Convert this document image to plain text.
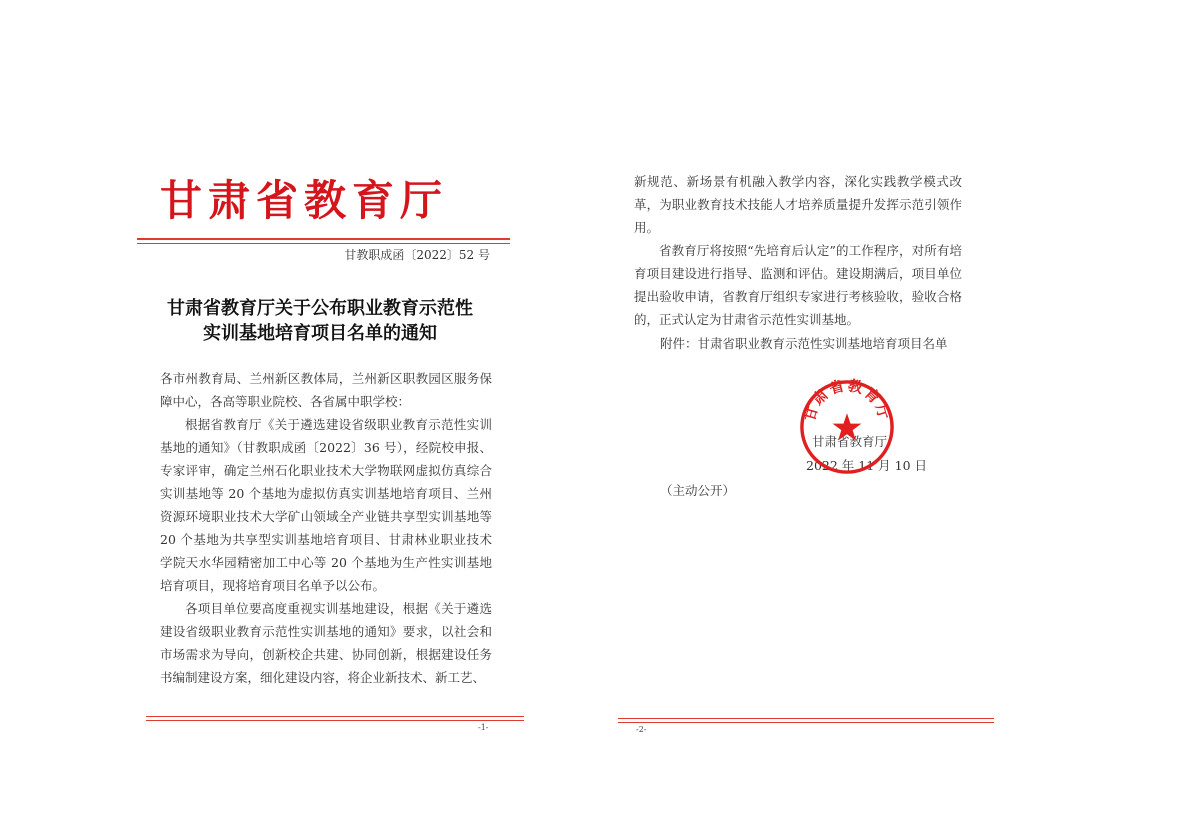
甘肃省教育厅
甘教职成函〔2022〕52 号
甘肃省教育厅关于公布职业教育示范性
实训基地培育项目名单的通知

各市州教育局、兰州新区教体局，兰州新区职教园区服务保障中心，各高等职业院校、各省属中职学校：

根据省教育厅《关于遴选建设省级职业教育示范性实训基地的通知》（甘教职成函〔2022〕36 号），经院校申报、专家评审，确定兰州石化职业技术大学物联网虚拟仿真综合实训基地等 20 个基地为虚拟仿真实训基地培育项目、兰州资源环境职业技术大学矿山领域全产业链共享型实训基地等 20 个基地为共享型实训基地培育项目、甘肃林业职业技术学院天水华园精密加工中心等 20 个基地为生产性实训基地培育项目，现将培育项目名单予以公布。

各项目单位要高度重视实训基地建设，根据《关于遴选建设省级职业教育示范性实训基地的通知》要求，以社会和市场需求为导向，创新校企共建、协同创新，根据建设任务书编制建设方案，细化建设内容，将企业新技术、新工艺、

-1-

新规范、新场景有机融入教学内容，深化实践教学模式改革，为职业教育技术技能人才培养质量提升发挥示范引领作用。

省教育厅将按照“先培育后认定”的工作程序，对所有培育项目建设进行指导、监测和评估。建设期满后，项目单位提出验收申请，省教育厅组织专家进行考核验收，验收合格的，正式认定为甘肃省示范性实训基地。

附件：甘肃省职业教育示范性实训基地培育项目名单
甘肃省教育厅
2022 年 11 月 10 日
（主动公开）
-2-
甘肃省教育厅
